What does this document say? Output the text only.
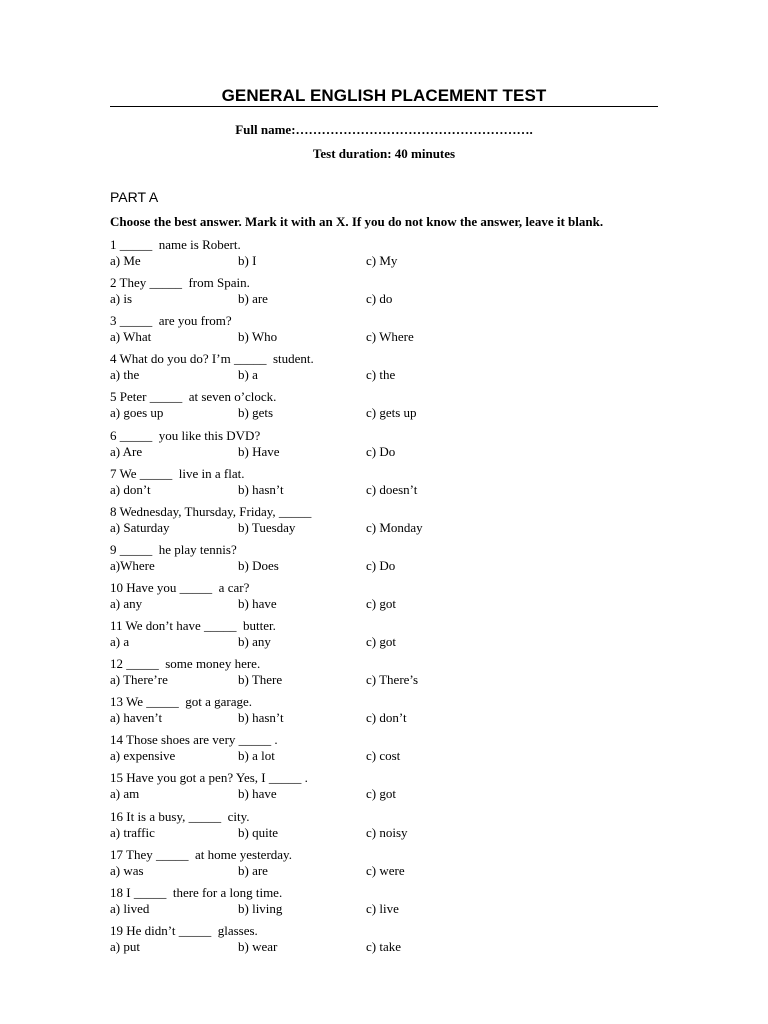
GENERAL ENGLISH PLACEMENT TEST
Full name:……………………………………………….
Test duration: 40 minutes
PART A
Choose the best answer. Mark it with an X. If you do not know the answer, leave it blank.
1 _____  name is Robert.
a) Me	b) I	c) My
2 They _____  from Spain.
a) is	b) are	c) do
3 _____  are you from?
a) What	b) Who	c) Where
4 What do you do? I’m _____  student.
a) the	b) a	c) the
5 Peter _____  at seven o’clock.
a) goes up	b) gets	c) gets up
6 _____  you like this DVD?
a) Are	b) Have	c) Do
7 We _____  live in a flat.
a) don’t	b) hasn’t	c) doesn’t
8 Wednesday, Thursday, Friday, _____
a) Saturday	b) Tuesday	c) Monday
9 _____  he play tennis?
a)Where	b) Does	c) Do
10 Have you _____  a car?
a) any	b) have	c) got
11 We don’t have _____  butter.
a) a	b) any	c) got
12 _____  some money here.
a) There’re	b) There	c) There’s
13 We _____  got a garage.
a) haven’t	b) hasn’t	c) don’t
14 Those shoes are very _____ .
a) expensive	b) a lot	c) cost
15 Have you got a pen? Yes, I _____ .
a) am	b) have	c) got
16 It is a busy, _____  city.
a) traffic	b) quite	c) noisy
17 They _____  at home yesterday.
a) was	b) are	c) were
18 I _____  there for a long time.
a) lived	b) living	c) live
19 He didn’t _____  glasses.
a) put	b) wear	c) take
